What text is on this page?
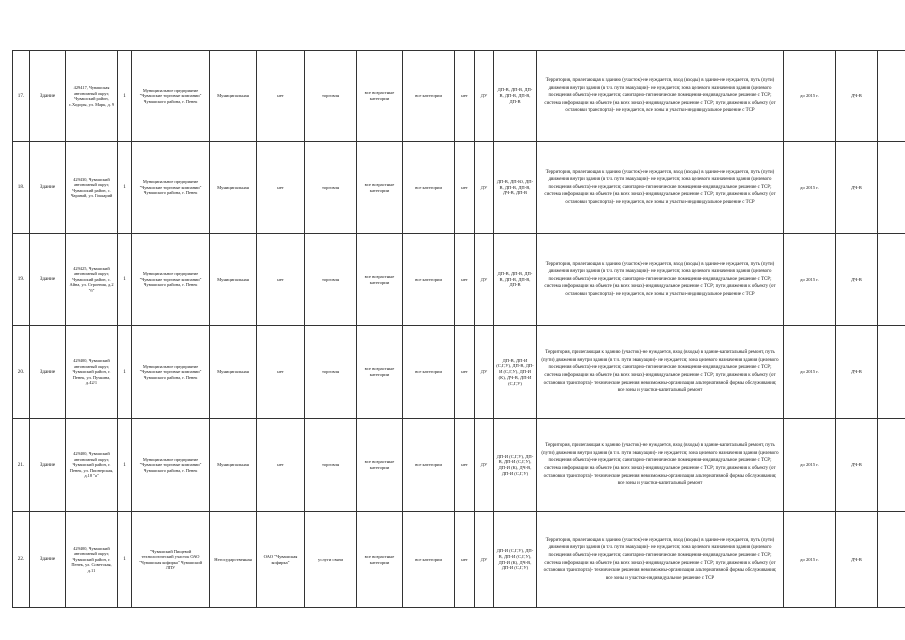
17.	Здание	429417, Чувашская автономный округ, Чувашский район, с.Ходоры, ул. Марк, д. 9	1	Муниципальное предприятие "Чувашские торговые компании" Чувашского района, г. Пенек	Муниципальная	нет	торговля	все возрастные категории	все категории	нет	ДУ	ДП-В, ДП-В, ДП-В, ДП-В, ДП-В, ДП-В	Территория, прилегающая к зданию (участок)-не нуждается, вход (входы) в здание-не нуждается, путь (пути) движения внутри здания (в т.ч. пути эвакуации)- не нуждается; зона целевого назначения здания (целевого посещения объекта)-не нуждается; санитарно-гигиенические помещения-индивидуальное решение с ТСР; система информации на объекте (на всех зонах)-индивидуальное решение с ТСР; пути движения к объекту (от остановки транспорта)- не нуждается, все зоны и участки-индивидуальное решение с ТСР	до 2015 г.	ДЧ-В	
18.	Здание	429430, Чувашский автономный округ, Чувашский район, с. Чаранай, ул. Гоккарий	1	Муниципальное предприятие "Чувашские торговые компании" Чувашского района, г. Пенек	Муниципальная	нет	торговля	все возрастные категории	все категории	нет	ДУ	ДП-В, ДП-Ю, ДП-В, ДП-В, ДП-В, ДЧ-В, ДП-В	Территория, прилегающая к зданию (участок)-не нуждается, вход (входы) в здание-не нуждается, путь (пути) движения внутри здания (в т.ч. пути эвакуации)- не нуждается; зона целевого назначения здания (целевого посещения объекта)-не нуждается; санитарно-гигиенические помещения-индивидуальное решение с ТСР; система информации на объекте (на всех зонах)-индивидуальное решение с ТСР; пути движения к объекту (от остановки транспорта)- не нуждается, все зоны и участки-индивидуальное решение с ТСР	до 2015 г.	ДЧ-В	
19.	Здание	429425, Чувашский автономный округ, Чувашский район, с. Айна, ул. Строения, д.2 "б"	1	Муниципальное предприятие "Чувашские торговые компании" Чувашского района, г. Пенек	Муниципальная	нет	торговля	все возрастные категории	все категории	нет	ДУ	ДП-В, ДП-В, ДП-В, ДП-В, ДП-В, ДП-В	Территория, прилегающая к зданию (участок)-не нуждается, вход (входы) в здание-не нуждается, путь (пути) движения внутри здания (в т.ч. пути эвакуации)- не нуждается; зона целевого назначения здания (целевого посещения объекта)-не нуждается; санитарно-гигиенические помещения-индивидуальное решение с ТСР; система информации на объекте (на всех зонах)-индивидуальное решение с ТСР; пути движения к объекту (от остановки транспорта)- не нуждается, все зоны и участки-индивидуальное решение с ТСР	до 2015 г.	ДЧ-В	
20.	Здание	429400, Чувашский автономный округ, Чувашский район, г. Пенек, ул. Пучкина, д.42/1	1	Муниципальное предприятие "Чувашские торговые компании" Чувашского района, г. Пенек	Муниципальная	нет	торговля	все возрастные категории	все категории	нет	ДУ	ДП-В, ДП-И (С,Г,У), ДП-В, ДП-И (С,Г,У), ДП-И (К), ДЧ-В, ДП-И (С,Г,У)	Территория, прилегающая к зданию (участок)-не нуждается, вход (входы) в здание-капитальный ремонт, путь (пути) движения внутри здания (в т.ч. пути эвакуации)- не нуждается; зона целевого назначения здания (целевого посещения объекта)-не нуждается; санитарно-гигиенические помещения-индивидуальное решение с ТСР; система информации на объекте (на всех зонах)-индивидуальное решение с ТСР; пути движения к объекту (от остановки транспорта)- технические решения невозможны-организация альтернативной формы обслуживания; все зоны и участки-капитальный ремонт	до 2015 г.	ДЧ-В	
21.	Здание	429400, Чувашский автономный округ, Чувашский район, г. Пенек, ул. Пионерская, д.18 "а"	1	Муниципальное предприятие "Чувашские торговые компании" Чувашского района, г. Пенек	Муниципальная	нет	торговля	все возрастные категории	все категории	нет	ДУ	ДП-И (С,Г,У), ДП-В, ДП-И (С,Г,У), ДП-И (К), ДЧ-В, ДП-И (С,Г,У)	Территория, прилегающая к зданию (участок)-не нуждается, вход (входы) в здание-капитальный ремонт, путь (пути) движения внутри здания (в т.ч. пути эвакуации)- не нуждается; зона целевого назначения здания (целевого посещения объекта)-не нуждается; санитарно-гигиенические помещения-индивидуальное решение с ТСР; система информации на объекте (на всех зонах)-индивидуальное решение с ТСР; пути движения к объекту (от остановки транспорта)- технические решения невозможны-организация альтернативной формы обслуживания; все зоны и участки-капитальный ремонт	до 2015 г.	ДЧ-В	
22.	Здание	429400, Чувашский автономный округ, Чувашский район, г. Пенек, ул. Советская, д.11	1	"Чувашский Пищевой технологический участок ОАО "Чувашская кофирка" Чувашский ЛПУ	Негосударственная	ОАО "Чувашская кофирка"	услуги связи	все возрастные категории	все категории	нет	ДУ	ДП-И (С,Г,У), ДП-В, ДП-И (С,Г,У), ДП-И (К), ДЧ-В, ДП-И (С,Г,У)	Территория, прилегающая к зданию (участок)-не нуждается, вход (входы) в здание-не нуждается, путь (пути) движения внутри здания (в т.ч. пути эвакуации)- не нуждается; зона целевого назначения здания (целевого посещения объекта)-не нуждается; санитарно-гигиенические помещения-индивидуальное решение с ТСР; система информации на объекте (на всех зонах)-индивидуальное решение с ТСР; пути движения к объекту (от остановки транспорта)- технические решения невозможны-организация альтернативной формы обслуживания; все зоны и участки-индивидуальное решение с ТСР	до 2015 г.	ДЧ-В	
